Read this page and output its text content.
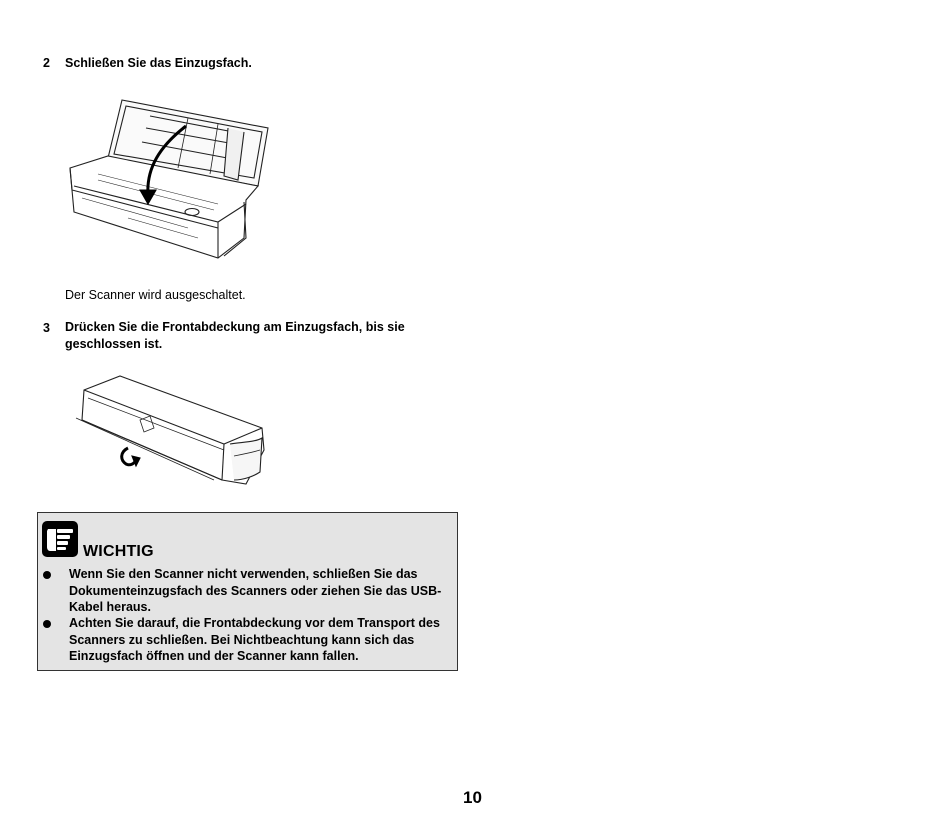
2 Schließen Sie das Einzugsfach.
Der Scanner wird ausgeschaltet.
3 Drücken Sie die Frontabdeckung am Einzugsfach, bis sie
geschlossen ist.
WICHTIG
Wenn Sie den Scanner nicht verwenden, schließen Sie das
Dokumenteinzugsfach des Scanners oder ziehen Sie das USB-
Kabel heraus.
Achten Sie darauf, die Frontabdeckung vor dem Transport des
Scanners zu schließen. Bei Nichtbeachtung kann sich das
Einzugsfach öffnen und der Scanner kann fallen.
10
